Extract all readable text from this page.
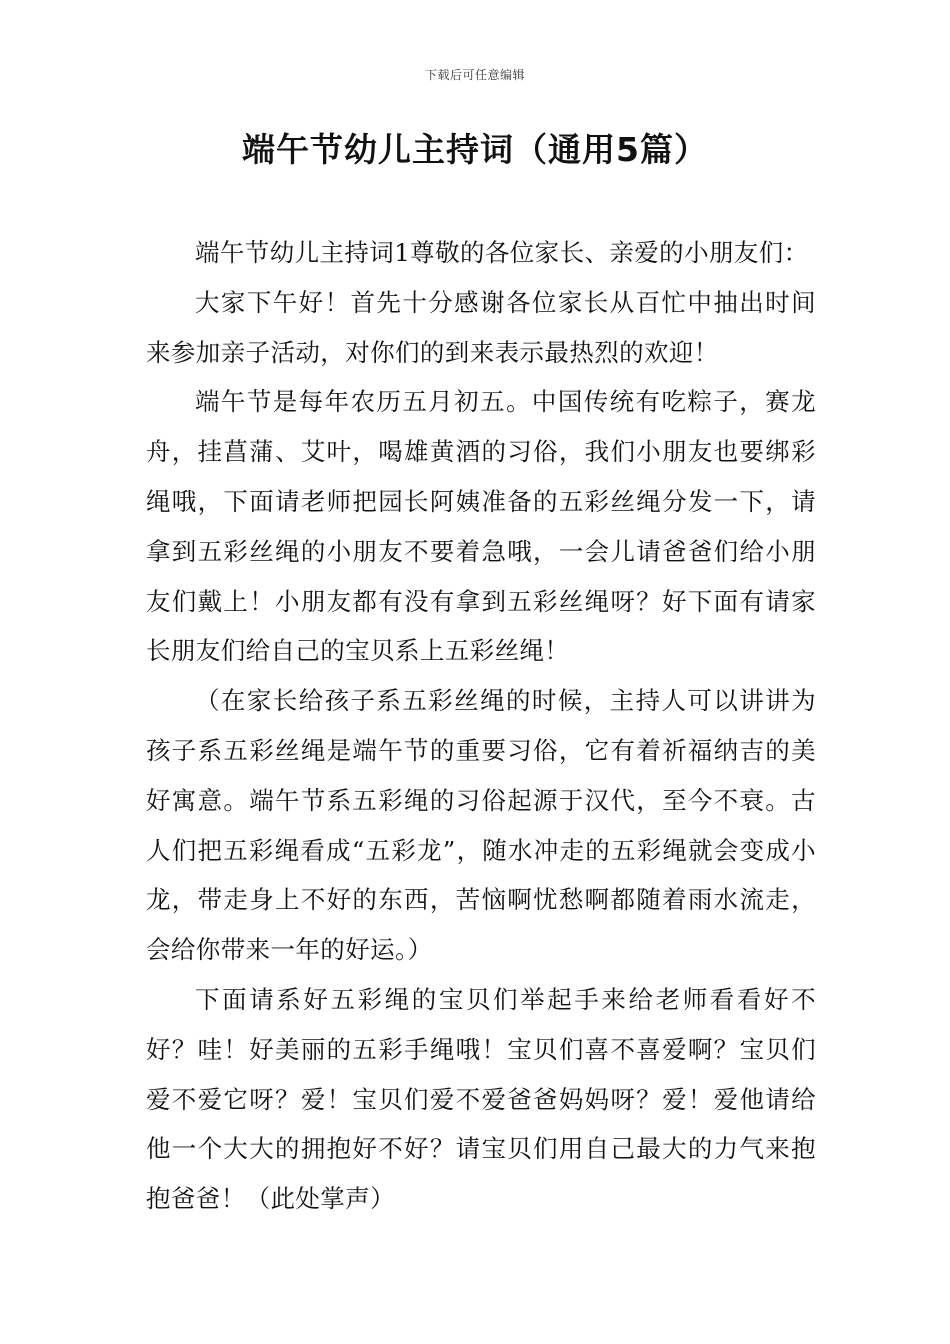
下载后可任意编辑
端午节幼儿主持词（通用5篇）

端午节幼儿主持词1尊敬的各位家长、亲爱的小朋友们：

大家下午好！首先十分感谢各位家长从百忙中抽出时间来参加亲子活动，对你们的到来表示最热烈的欢迎！

端午节是每年农历五月初五。中国传统有吃粽子，赛龙舟，挂菖蒲、艾叶，喝雄黄酒的习俗，我们小朋友也要绑彩绳哦，下面请老师把园长阿姨准备的五彩丝绳分发一下，请拿到五彩丝绳的小朋友不要着急哦，一会儿请爸爸们给小朋友们戴上！小朋友都有没有拿到五彩丝绳呀？好下面有请家长朋友们给自己的宝贝系上五彩丝绳！

（在家长给孩子系五彩丝绳的时候，主持人可以讲讲为孩子系五彩丝绳是端午节的重要习俗，它有着祈福纳吉的美好寓意。端午节系五彩绳的习俗起源于汉代，至今不衰。古人们把五彩绳看成“五彩龙”，随水冲走的五彩绳就会变成小龙，带走身上不好的东西，苦恼啊忧愁啊都随着雨水流走，会给你带来一年的好运。）

下面请系好五彩绳的宝贝们举起手来给老师看看好不好？哇！好美丽的五彩手绳哦！宝贝们喜不喜爱啊？宝贝们爱不爱它呀？爱！宝贝们爱不爱爸爸妈妈呀？爱！爱他请给他一个大大的拥抱好不好？请宝贝们用自己最大的力气来抱抱爸爸！（此处掌声）
